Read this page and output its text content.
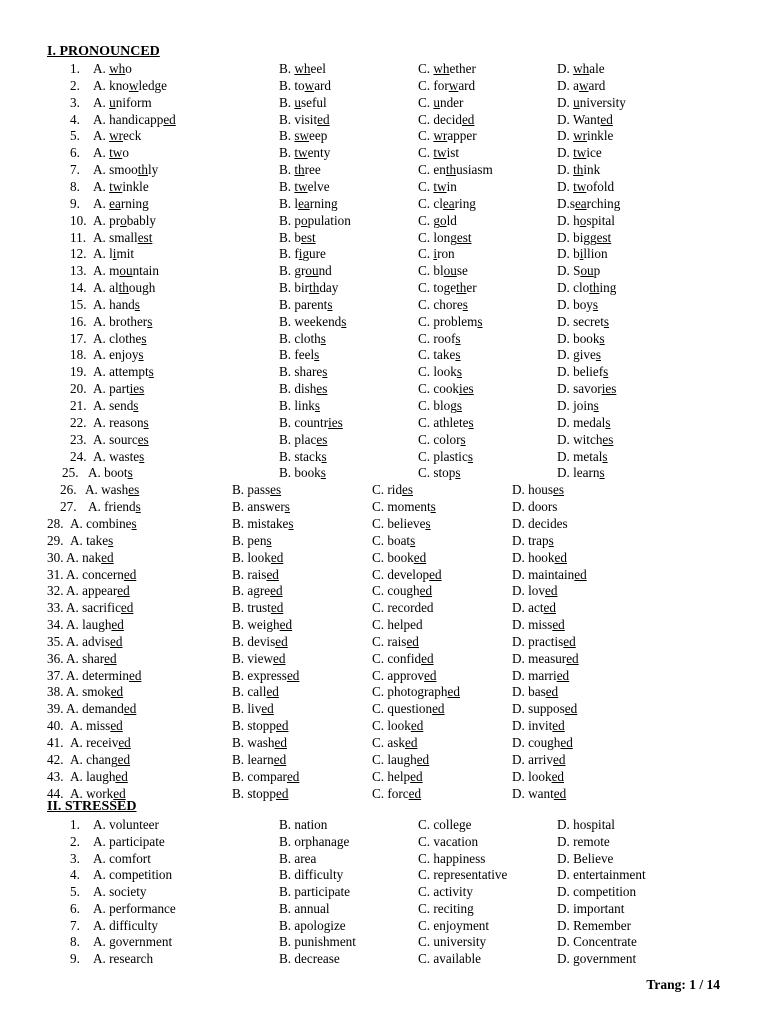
I. PRONOUNCED
1. A. who	B. wheel	C. whether	D. whale
2. A. knowledge	B. toward	C. forward	D. award
3. A. uniform	B. useful	C. under	D. university
4. A. handicapped	B. visited	C. decided	D. Wanted
5. A. wreck	B. sweep	C. wrapper	D. wrinkle
6. A. two	B. twenty	C. twist	D. twice
7. A. smoothly	B. three	C. enthusiasm	D. think
8. A. twinkle	B. twelve	C. twin	D. twofold
9. A. earning	B. learning	C. clearing	D.searching
10. A. probably	B. population	C. gold	D. hospital
11. A. smallest	B. best	C. longest	D. biggest
12. A. limit	B. figure	C. iron	D. billion
13. A. mountain	B. ground	C. blouse	D. Soup
14. A. although	B. birthday	C. together	D. clothing
15. A. hands	B. parents	C. chores	D. boys
16. A. brothers	B. weekends	C. problems	D. secrets
17. A. clothes	B. cloths	C. roofs	D. books
18. A. enjoys	B. feels	C. takes	D. gives
19. A. attempts	B. shares	C. looks	D. beliefs
20. A. parties	B. dishes	C. cookies	D. savories
21. A. sends	B. links	C. blogs	D. joins
22. A. reasons	B. countries	C. athletes	D. medals
23. A. sources	B. places	C. colors	D. witches
24. A. wastes	B. stacks	C. plastics	D. metals
25. A. boots	B. books	C. stops	D. learns
26. A. washes	B. passes	C. rides	D. houses
27. A. friends	B. answers	C. moments	D. doors
28. A. combines	B. mistakes	C. believes	D. decides
29. A. takes	B. pens	C. boats	D. traps
30. A. naked	B. looked	C. booked	D. hooked
31. A. concerned	B. raised	C. developed	D. maintained
32. A. appeared	B. agreed	C. coughed	D. loved
33. A. sacrificed	B. trusted	C. recorded	D. acted
34. A. laughed	B. weighed	C. helped	D. missed
35. A. advised	B. devised	C. raised	D. practised
36. A. shared	B. viewed	C. confided	D. measured
37. A. determined	B. expressed	C. approved	D. married
38. A. smoked	B. called	C. photographed	D. based
39. A. demanded	B. lived	C. questioned	D. supposed
40. A. missed	B. stopped	C. looked	D. invited
41. A. received	B. washed	C. asked	D. coughed
42. A. changed	B. learned	C. laughed	D. arrived
43. A. laughed	B. compared	C. helped	D. looked
44. A. worked	B. stopped	C. forced	D. wanted
II. STRESSED
1. A. volunteer	B. nation	C. college	D. hospital
2. A. participate	B. orphanage	C. vacation	D. remote
3. A. comfort	B. area	C. happiness	D. Believe
4. A. competition	B. difficulty	C. representative	D. entertainment
5. A. society	B. participate	C. activity	D. competition
6. A. performance	B. annual	C. reciting	D. important
7. A. difficulty	B. apologize	C. enjoyment	D. Remember
8. A. government	B. punishment	C. university	D. Concentrate
9. A. research	B. decrease	C. available	D. government
Trang: 1 / 14
